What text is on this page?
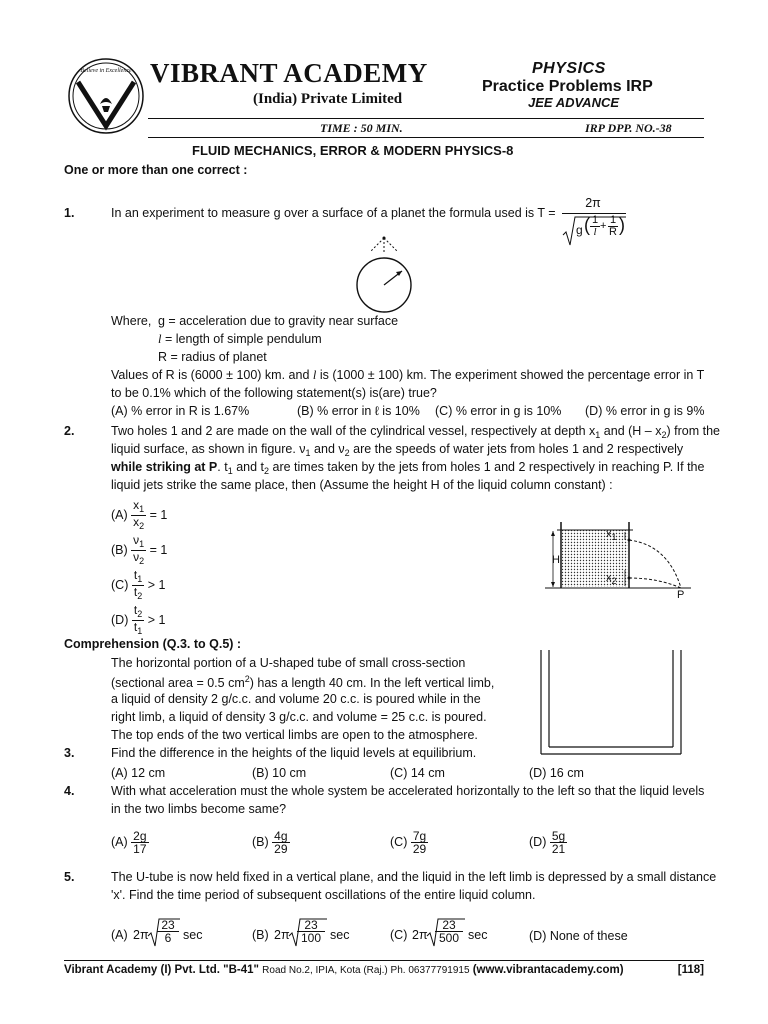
Believe in Excellence VIBRANT ACADEMY
(India) Private Limited
PHYSICS
Practice Problems IRP
JEE ADVANCE
TIME : 50 MIN.	IRP DPP. NO.-38
FLUID MECHANICS, ERROR & MODERN PHYSICS-8
One or more than one correct :
1.	In an experiment to measure g over a surface of a planet the formula used is T =
2π
g ( 1
l + 1
R )
Where, g = acceleration due to gravity near surface
l = length of simple pendulum
R = radius of planet
Values of R is (6000 ± 100) km. and l is (1000 ± 100) km. The experiment showed the percentage error in T
to be 0.1% which of the following statement(s) is(are) true?
(A) % error in R is 1.67%	(B) % error in ℓ is 10% (C) % error in g is 10% (D) % error in g is 9%
2.	Two holes 1 and 2 are made on the wall of the cylindrical vessel, respectively at depth $x_1$ and $(H - x_2)$ from the
liquid surface, as shown in figure. $\nu_1$ and $\nu_2$ are the speeds of water jets from holes 1 and 2 respectively
while striking at P. $t_1$ and $t_2$ are times taken by the jets from holes 1 and 2 respectively in reaching P. If the
liquid jets strike the same place, then (Assume the height H of the liquid column constant) :
$(A) \frac{x_1}{x_2} = 1$
$(B) \frac{\nu_1}{\nu_2} = 1$
$(C) \frac{t_1}{t_2} > 1$
$(D) \frac{t_2}{t_1} > 1$
H
$x_1$
$x_2$
P
Comprehension (Q.3. to Q.5) :
The horizontal portion of a U-shaped tube of small cross-section
(sectional area = 0.5 $cm^2$) has a length 40 cm. In the left vertical limb,
a liquid of density 2 g/c.c. and volume 20 c.c. is poured while in the
right limb, a liquid of density 3 g/c.c. and volume = 25 c.c. is poured.
The top ends of the two vertical limbs are open to the atmosphere.
3.	Find the difference in the heights of the liquid levels at equilibrium.
(A) 12 cm	(B) 10 cm	(C) 14 cm	(D) 16 cm
4.	With what acceleration must the whole system be accelerated horizontally to the left so that the liquid levels
in the two limbs become same?
$(A) \frac{2g}{17}$	$(B) \frac{4g}{29}$	$(C) \frac{7g}{29}$	$(D) \frac{5g}{21}$
5.	The U-tube is now held fixed in a vertical plane, and the liquid in the left limb is depressed by a small distance
'x'. Find the time period of subsequent oscillations of the entire liquid column.
(A) $2\pi \frac{23}{6}$ sec	(B) $2\pi \frac{23}{100}$ sec	(C) $2\pi \frac{23}{500}$ sec	(D) None of these
Vibrant Academy (I) Pvt. Ltd. "B-41" Road No.2, IPIA, Kota (Raj.) Ph. 06377791915 (www.vibrantacademy.com)	[118]
